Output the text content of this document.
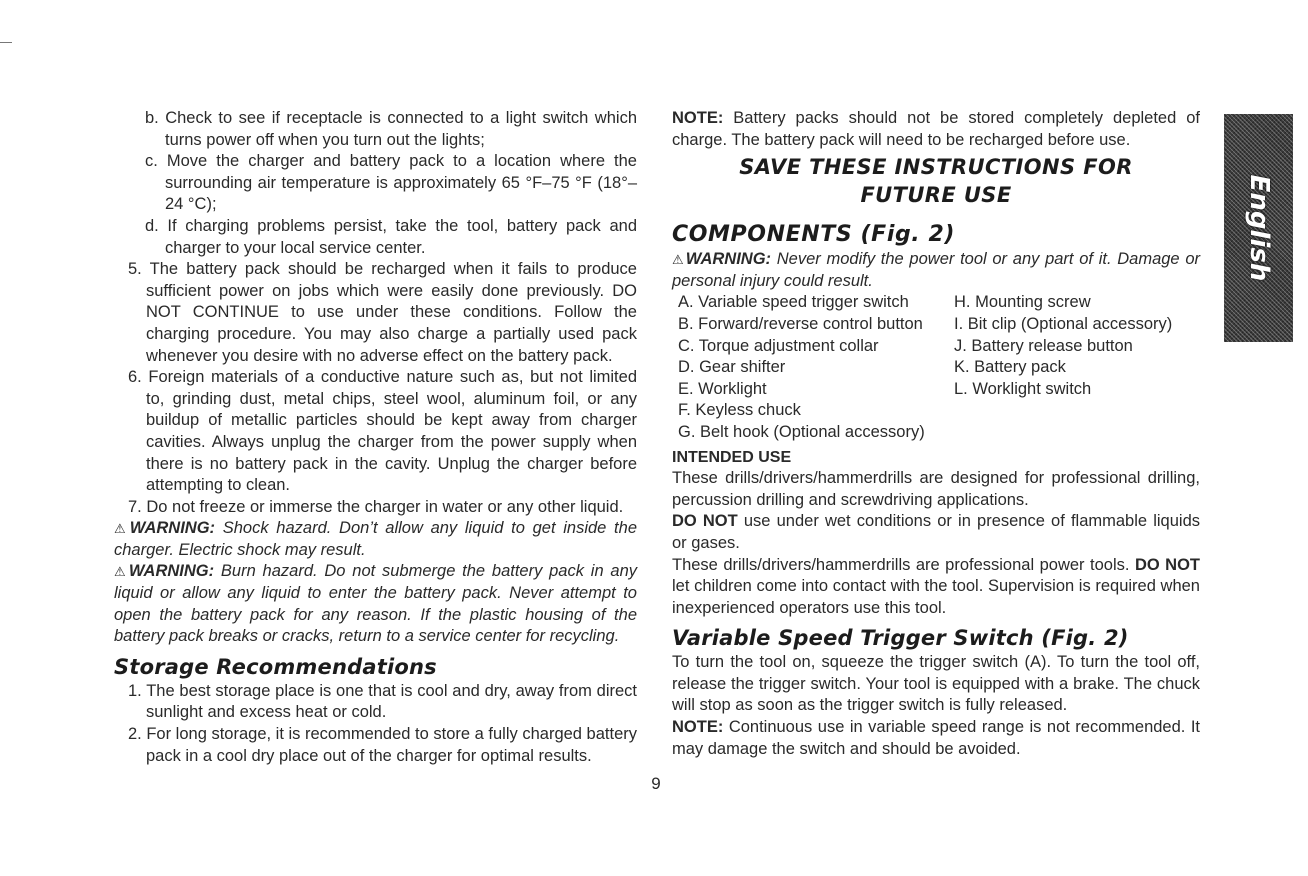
b. Check to see if receptacle is connected to a light switch which turns power off when you turn out the lights;

c. Move the charger and battery pack to a location where the surrounding air temperature is approximately 65 °F–75 °F (18°–24 °C);

d. If charging problems persist, take the tool, battery pack and charger to your local service center.

5. The battery pack should be recharged when it fails to produce sufficient power on jobs which were easily done previously. DO NOT CONTINUE to use under these conditions. Follow the charging procedure. You may also charge a partially used pack whenever you desire with no adverse effect on the battery pack.

6. Foreign materials of a conductive nature such as, but not limited to, grinding dust, metal chips, steel wool, aluminum foil, or any buildup of metallic particles should be kept away from charger cavities. Always unplug the charger from the power supply when there is no battery pack in the cavity. Unplug the charger before attempting to clean.

7. Do not freeze or immerse the charger in water or any other liquid.

⚠WARNING: Shock hazard. Don’t allow any liquid to get inside the charger. Electric shock may result.

⚠WARNING: Burn hazard. Do not submerge the battery pack in any liquid or allow any liquid to enter the battery pack. Never attempt to open the battery pack for any reason. If the plastic housing of the battery pack breaks or cracks, return to a service center for recycling.

Storage Recommendations

1. The best storage place is one that is cool and dry, away from direct sunlight and excess heat or cold.

2. For long storage, it is recommended to store a fully charged battery pack in a cool dry place out of the charger for optimal results.

NOTE: Battery packs should not be stored completely depleted of charge. The battery pack will need to be recharged before use.

SAVE THESE INSTRUCTIONS FOR
FUTURE USE
COMPONENTS (Fig. 2)

⚠WARNING: Never modify the power tool or any part of it. Damage or personal injury could result.

A. Variable speed trigger switch	H. Mounting screw
B. Forward/reverse control button	I. Bit clip (Optional accessory)
C. Torque adjustment collar	J. Battery release button
D. Gear shifter	K. Battery pack
E. Worklight	L. Worklight switch
F. Keyless chuck
G. Belt hook (Optional accessory)
INTENDED USE

These drills/drivers/hammerdrills are designed for professional drilling, percussion drilling and screwdriving applications.

DO NOT use under wet conditions or in presence of flammable liquids or gases.

These drills/drivers/hammerdrills are professional power tools. DO NOT let children come into contact with the tool. Supervision is required when inexperienced operators use this tool.

Variable Speed Trigger Switch (Fig. 2)

To turn the tool on, squeeze the trigger switch (A). To turn the tool off, release the trigger switch. Your tool is equipped with a brake. The chuck will stop as soon as the trigger switch is fully released.

NOTE: Continuous use in variable speed range is not recommended. It may damage the switch and should be avoided.

English
9
